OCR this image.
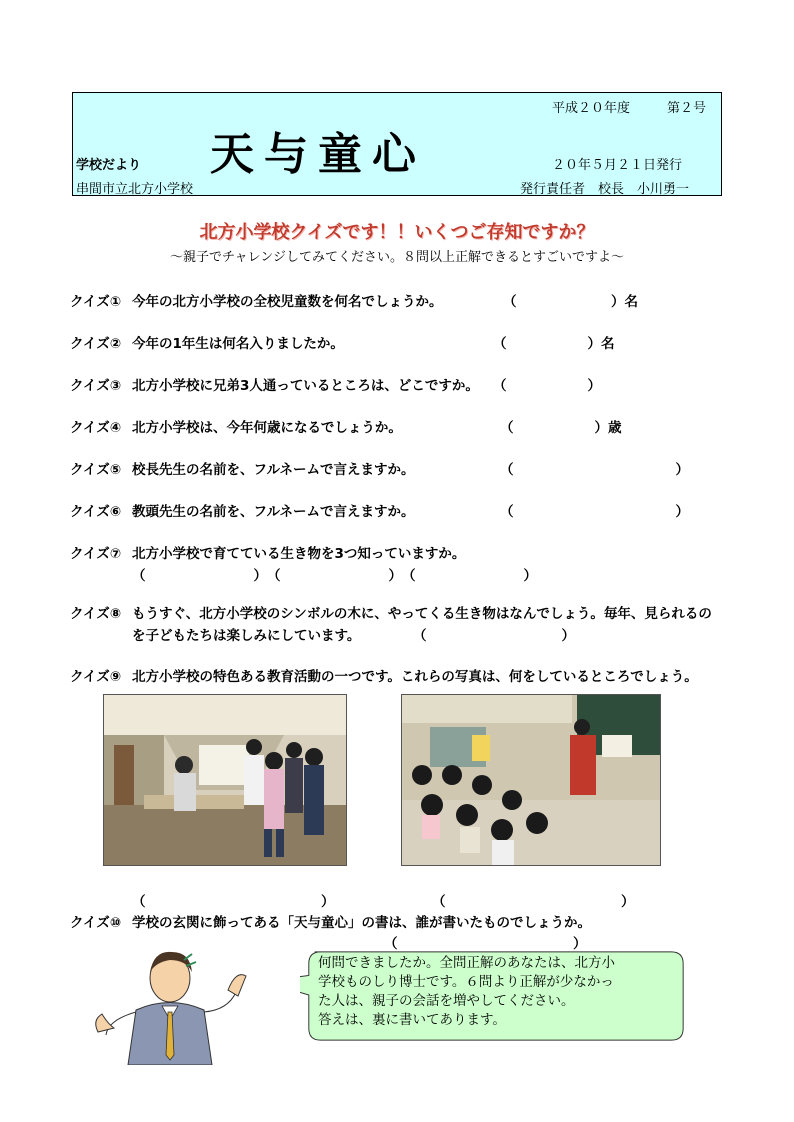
平成２０年度	第２号
学校だより 天与童心	２０年５月２１日発行
串間市立北方小学校	発行責任者　校長　小川勇一
北方小学校クイズです！！いくつご存知ですか？
～親子でチャレンジしてみてください。８問以上正解できるとすごいですよ～
クイズ① 今年の北方小学校の全校児童数を何名でしょうか。	（　　　　　　　）名
クイズ② 今年の1年生は何名入りましたか。	（　　　　　　）名
クイズ③ 北方小学校に兄弟3人通っているところは、どこですか。 （　　　　　　）
クイズ④ 北方小学校は、今年何歳になるでしょうか。	（　　　　　　）歳
クイズ⑤ 校長先生の名前を、フルネームで言えますか。	（　　　　　　　　　　　　）
クイズ⑥ 教頭先生の名前を、フルネームで言えますか。	（　　　　　　　　　　　　）
クイズ⑦ 北方小学校で育てている生き物を3つ知っていますか。
（　　　　　　　　）　（　　　　　　　　）　（　　　　　　　　）
クイズ⑧ もうすぐ、北方小学校のシンボルの木に、やってくる生き物はなんでしょう。毎年、見られるの
を子どもたちは楽しみにしています。	（　　　　　　　　　　）
クイズ⑨ 北方小学校の特色ある教育活動の一つです。これらの写真は、何をしているところでしょう。
（　　　　　　　　　　　　　）	（　　　　　　　　　　　　　）
クイズ⑩ 学校の玄関に飾ってある「天与童心」の書は、誰が書いたものでしょうか。
（　　　　　　　　　　　　　）
何問できましたか。全問正解のあなたは、北方小
学校ものしり博士です。６問より正解が少なかっ
た人は、親子の会話を増やしてください。
答えは、裏に書いてあります。
